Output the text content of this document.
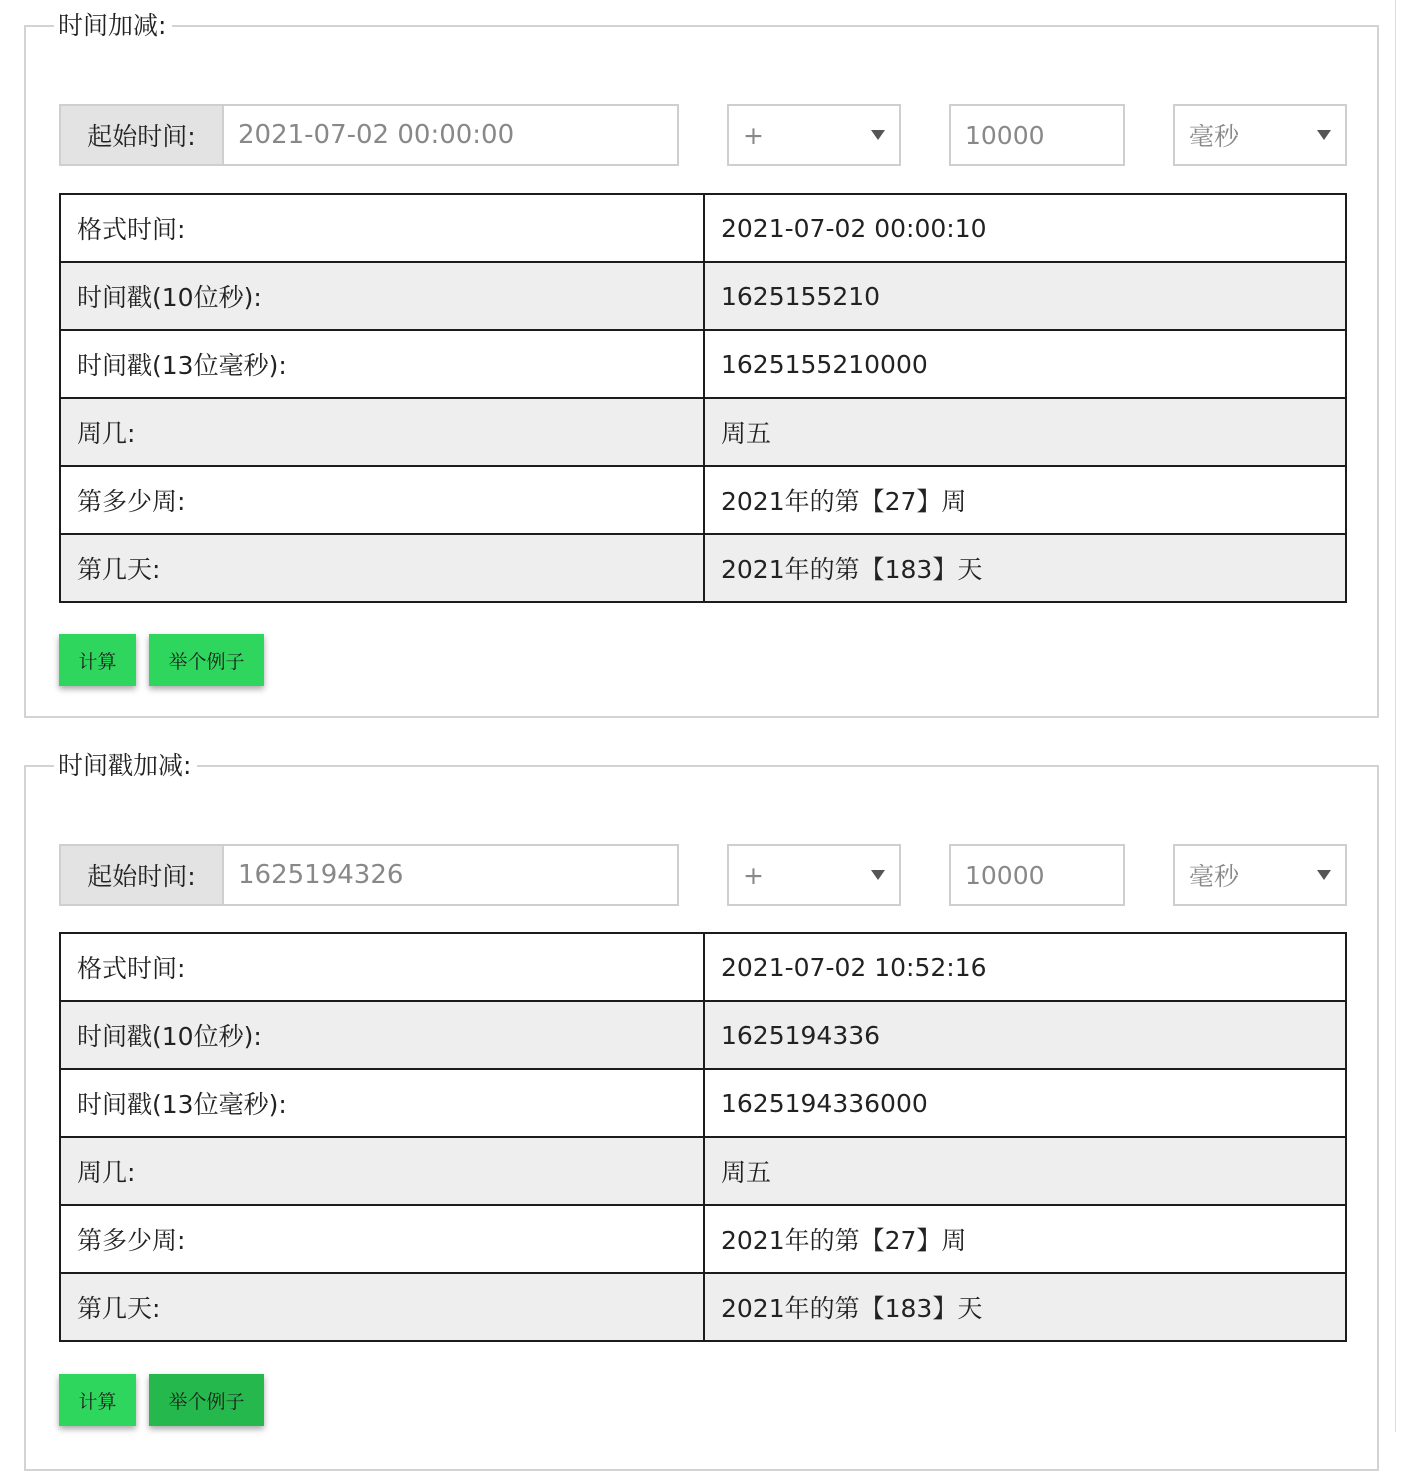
时间加减:
起始时间:	2021-07-02 00:00:00	+	10000	毫秒
格式时间:	2021-07-02 00:00:10
时间戳(10位秒):	1625155210
时间戳(13位毫秒):	1625155210000
周几:	周五
第多少周:	2021年的第【27】周
第几天:	2021年的第【183】天
计算	举个例子
时间戳加减:
起始时间:	1625194326	+	10000	毫秒
格式时间:	2021-07-02 10:52:16
时间戳(10位秒):	1625194336
时间戳(13位毫秒):	1625194336000
周几:	周五
第多少周:	2021年的第【27】周
第几天:	2021年的第【183】天
计算	举个例子
